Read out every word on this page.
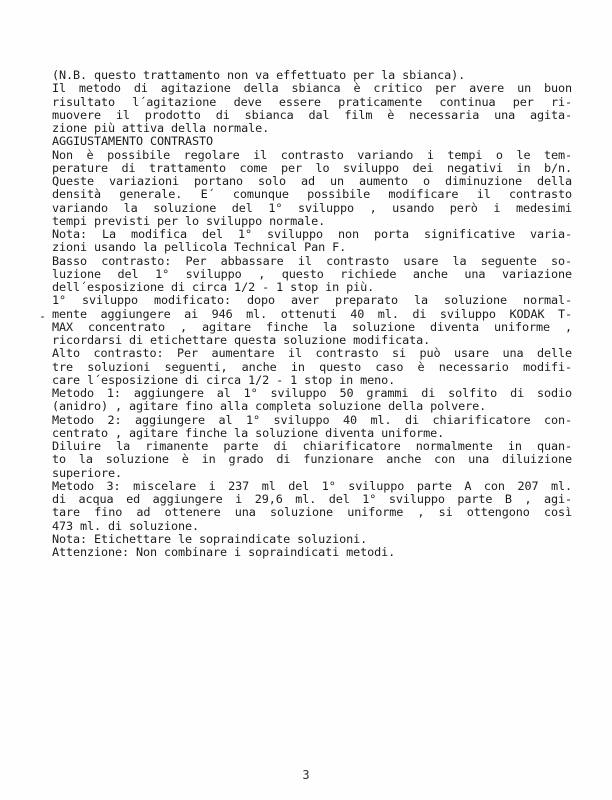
(N.B. questo trattamento non va effettuato per la sbianca).
Il metodo di agitazione della sbianca è critico per avere un buon
risultato l´agitazione deve essere praticamente continua per ri-
muovere il prodotto di sbianca dal film è necessaria una agita-
zione più attiva della normale.
AGGIUSTAMENTO CONTRASTO
Non è possibile regolare il contrasto variando i tempi o le tem-
perature di trattamento come per lo sviluppo dei negativi in b/n.
Queste variazioni portano solo ad un aumento o diminuzione della
densità generale. E´ comunque possibile modificare il contrasto
variando la soluzione del 1° sviluppo , usando però i medesimi
tempi previsti per lo sviluppo normale.
Nota: La modifica del 1° sviluppo non porta significative varia-
zioni usando la pellicola Technical Pan F.
Basso contrasto: Per abbassare il contrasto usare la seguente so-
luzione del 1° sviluppo , questo richiede anche una variazione
dell´esposizione di circa 1/2 - 1 stop in più.
1° sviluppo modificato: dopo aver preparato la soluzione normal-
mente aggiungere ai 946 ml. ottenuti 40 ml. di sviluppo KODAK T-
MAX concentrato , agitare finche la soluzione diventa uniforme ,
ricordarsi di etichettare questa soluzione modificata.
Alto contrasto: Per aumentare il contrasto si può usare una delle
tre soluzioni seguenti, anche in questo caso è necessario modifi-
care l´esposizione di circa 1/2 - 1 stop in meno.
Metodo 1: aggiungere al 1° sviluppo 50 grammi di solfito di sodio
(anidro) , agitare fino alla completa soluzione della polvere.
Metodo 2: aggiungere al 1° sviluppo 40 ml. di chiarificatore con-
centrato , agitare finche la soluzione diventa uniforme.
Diluire la rimanente parte di chiarificatore normalmente in quan-
to la soluzione è in grado di funzionare anche con una diluizione
superiore.
Metodo 3: miscelare i 237 ml del 1° sviluppo parte A con 207 ml.
di acqua ed aggiungere i 29,6 ml. del 1° sviluppo parte B , agi-
tare fino ad ottenere una soluzione uniforme , si ottengono così
473 ml. di soluzione.
Nota: Etichettare le sopraindicate soluzioni.
Attenzione: Non combinare i sopraindicati metodi.
3
